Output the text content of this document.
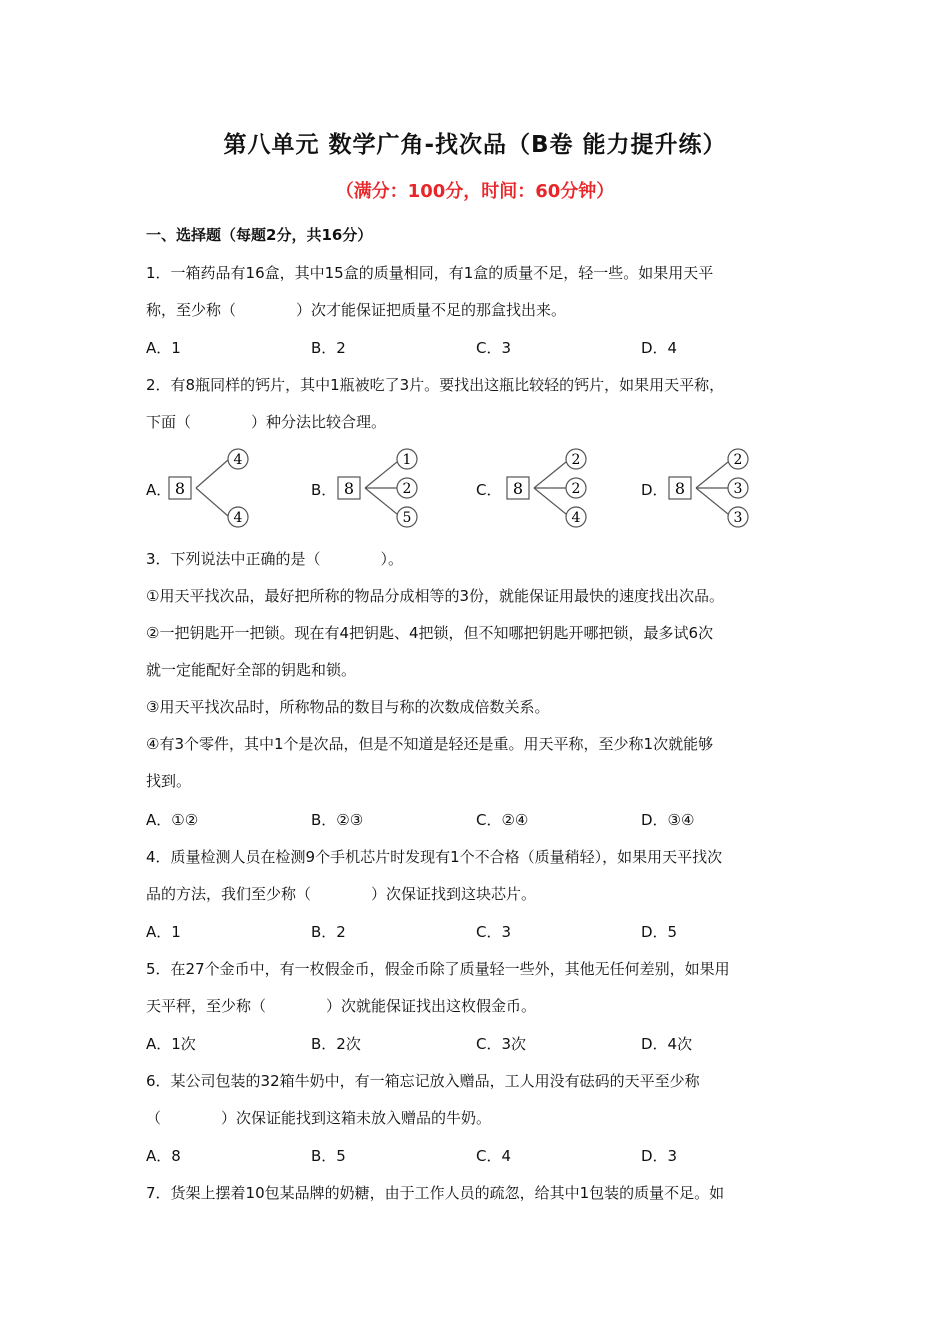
第八单元 数学广角-找次品（B卷 能力提升练）
（满分：100分，时间：60分钟）
一、选择题（每题2分，共16分）
1．一箱药品有16盒，其中15盒的质量相同，有1盒的质量不足，轻一些。如果用天平
称，至少称（　　　　）次才能保证把质量不足的那盒找出来。
A．1	B．2	C．3	D．4
2．有8瓶同样的钙片，其中1瓶被吃了3片。要找出这瓶比较轻的钙片，如果用天平称，
下面（　　　　）种分法比较合理。
A． 8
4
4
B． 8
1
2
5
C． 8
2
2
4
D． 8
2
3
3
3．下列说法中正确的是（　　　　）。
①用天平找次品，最好把所称的物品分成相等的3份，就能保证用最快的速度找出次品。
②一把钥匙开一把锁。现在有4把钥匙、4把锁，但不知哪把钥匙开哪把锁，最多试6次
就一定能配好全部的钥匙和锁。
③用天平找次品时，所称物品的数目与称的次数成倍数关系。
④有3个零件，其中1个是次品，但是不知道是轻还是重。用天平称，至少称1次就能够
找到。
A．①②	B．②③	C．②④	D．③④
4．质量检测人员在检测9个手机芯片时发现有1个不合格（质量稍轻），如果用天平找次
品的方法，我们至少称（　　　　）次保证找到这块芯片。
A．1	B．2	C．3	D．5
5．在27个金币中，有一枚假金币，假金币除了质量轻一些外，其他无任何差别，如果用
天平秤，至少称（　　　　）次就能保证找出这枚假金币。
A．1次	B．2次	C．3次	D．4次
6．某公司包装的32箱牛奶中，有一箱忘记放入赠品，工人用没有砝码的天平至少称
（　　　　）次保证能找到这箱未放入赠品的牛奶。
A．8	B．5	C．4	D．3
7．货架上摆着10包某品牌的奶糖，由于工作人员的疏忽，给其中1包装的质量不足。如
